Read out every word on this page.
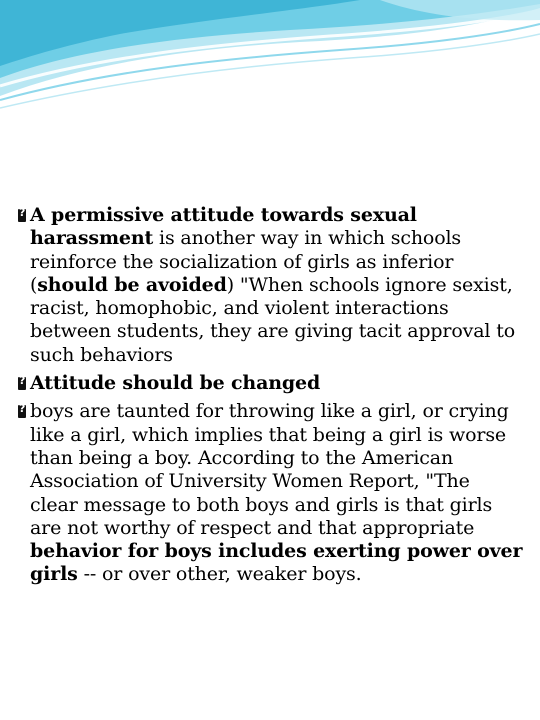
?
A permissive attitude towards sexual harassment is another way in which schools reinforce the socialization of girls as inferior (should be avoided) "When schools ignore sexist, racist, homophobic, and violent interactions between students, they are giving tacit approval to such behaviors

?
Attitude should be changed

?
boys are taunted for throwing like a girl, or crying like a girl, which implies that being a girl is worse than being a boy. According to the American Association of University Women Report, "The clear message to both boys and girls is that girls are not worthy of respect and that appropriate behavior for boys includes exerting power over girls -- or over other, weaker boys.
